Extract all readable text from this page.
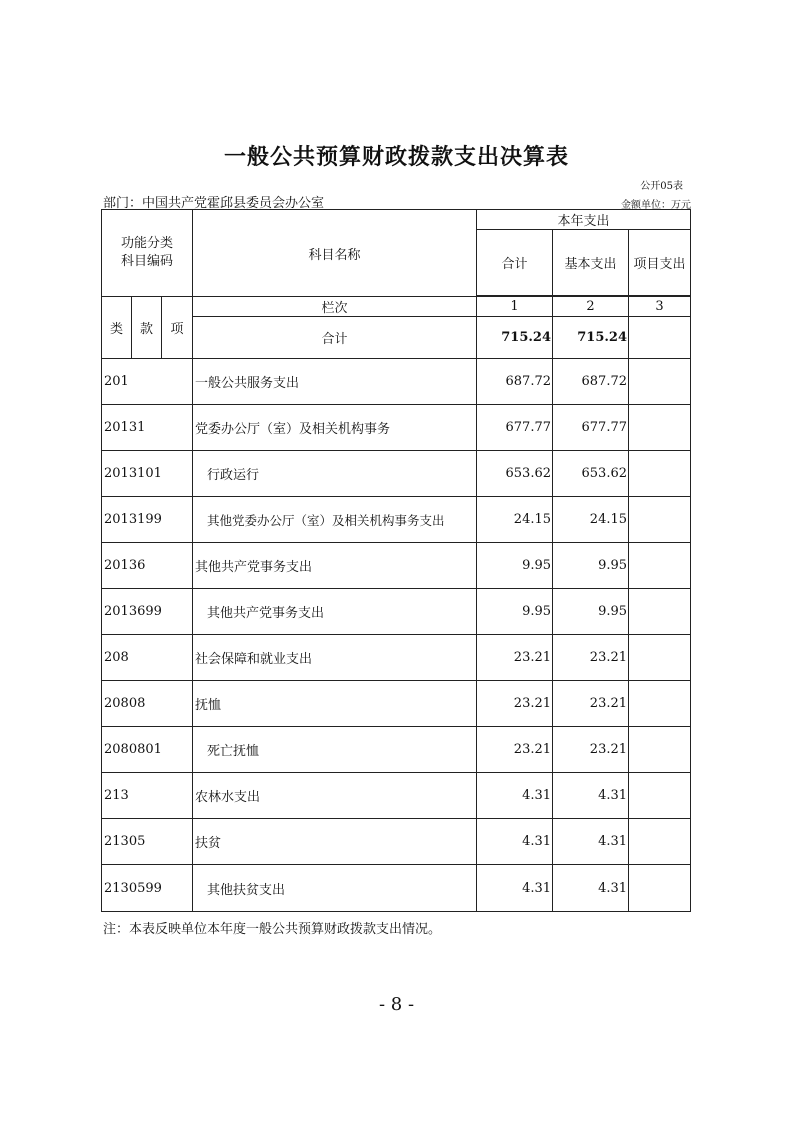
一般公共预算财政拨款支出决算表
公开05表
部门：中国共产党霍邱县委员会办公室	金额单位：万元
功能分类科目编码			科目名称	本年支出		
				合计	基本支出	项目支出

类	款	项	栏次	1	2	3
			合计	715.24	715.24	
201			一般公共服务支出	687.72	687.72	
20131			党委办公厅（室）及相关机构事务	677.77	677.77	
2013101			行政运行	653.62	653.62	
2013199			其他党委办公厅（室）及相关机构事务支出	24.15	24.15	
20136			其他共产党事务支出	9.95	9.95	
2013699			其他共产党事务支出	9.95	9.95	
208			社会保障和就业支出	23.21	23.21	
20808			抚恤	23.21	23.21	
2080801			死亡抚恤	23.21	23.21	
213			农林水支出	4.31	4.31	
21305			扶贫	4.31	4.31	
2130599			其他扶贫支出	4.31	4.31	
注：本表反映单位本年度一般公共预算财政拨款支出情况。
- 8 -
